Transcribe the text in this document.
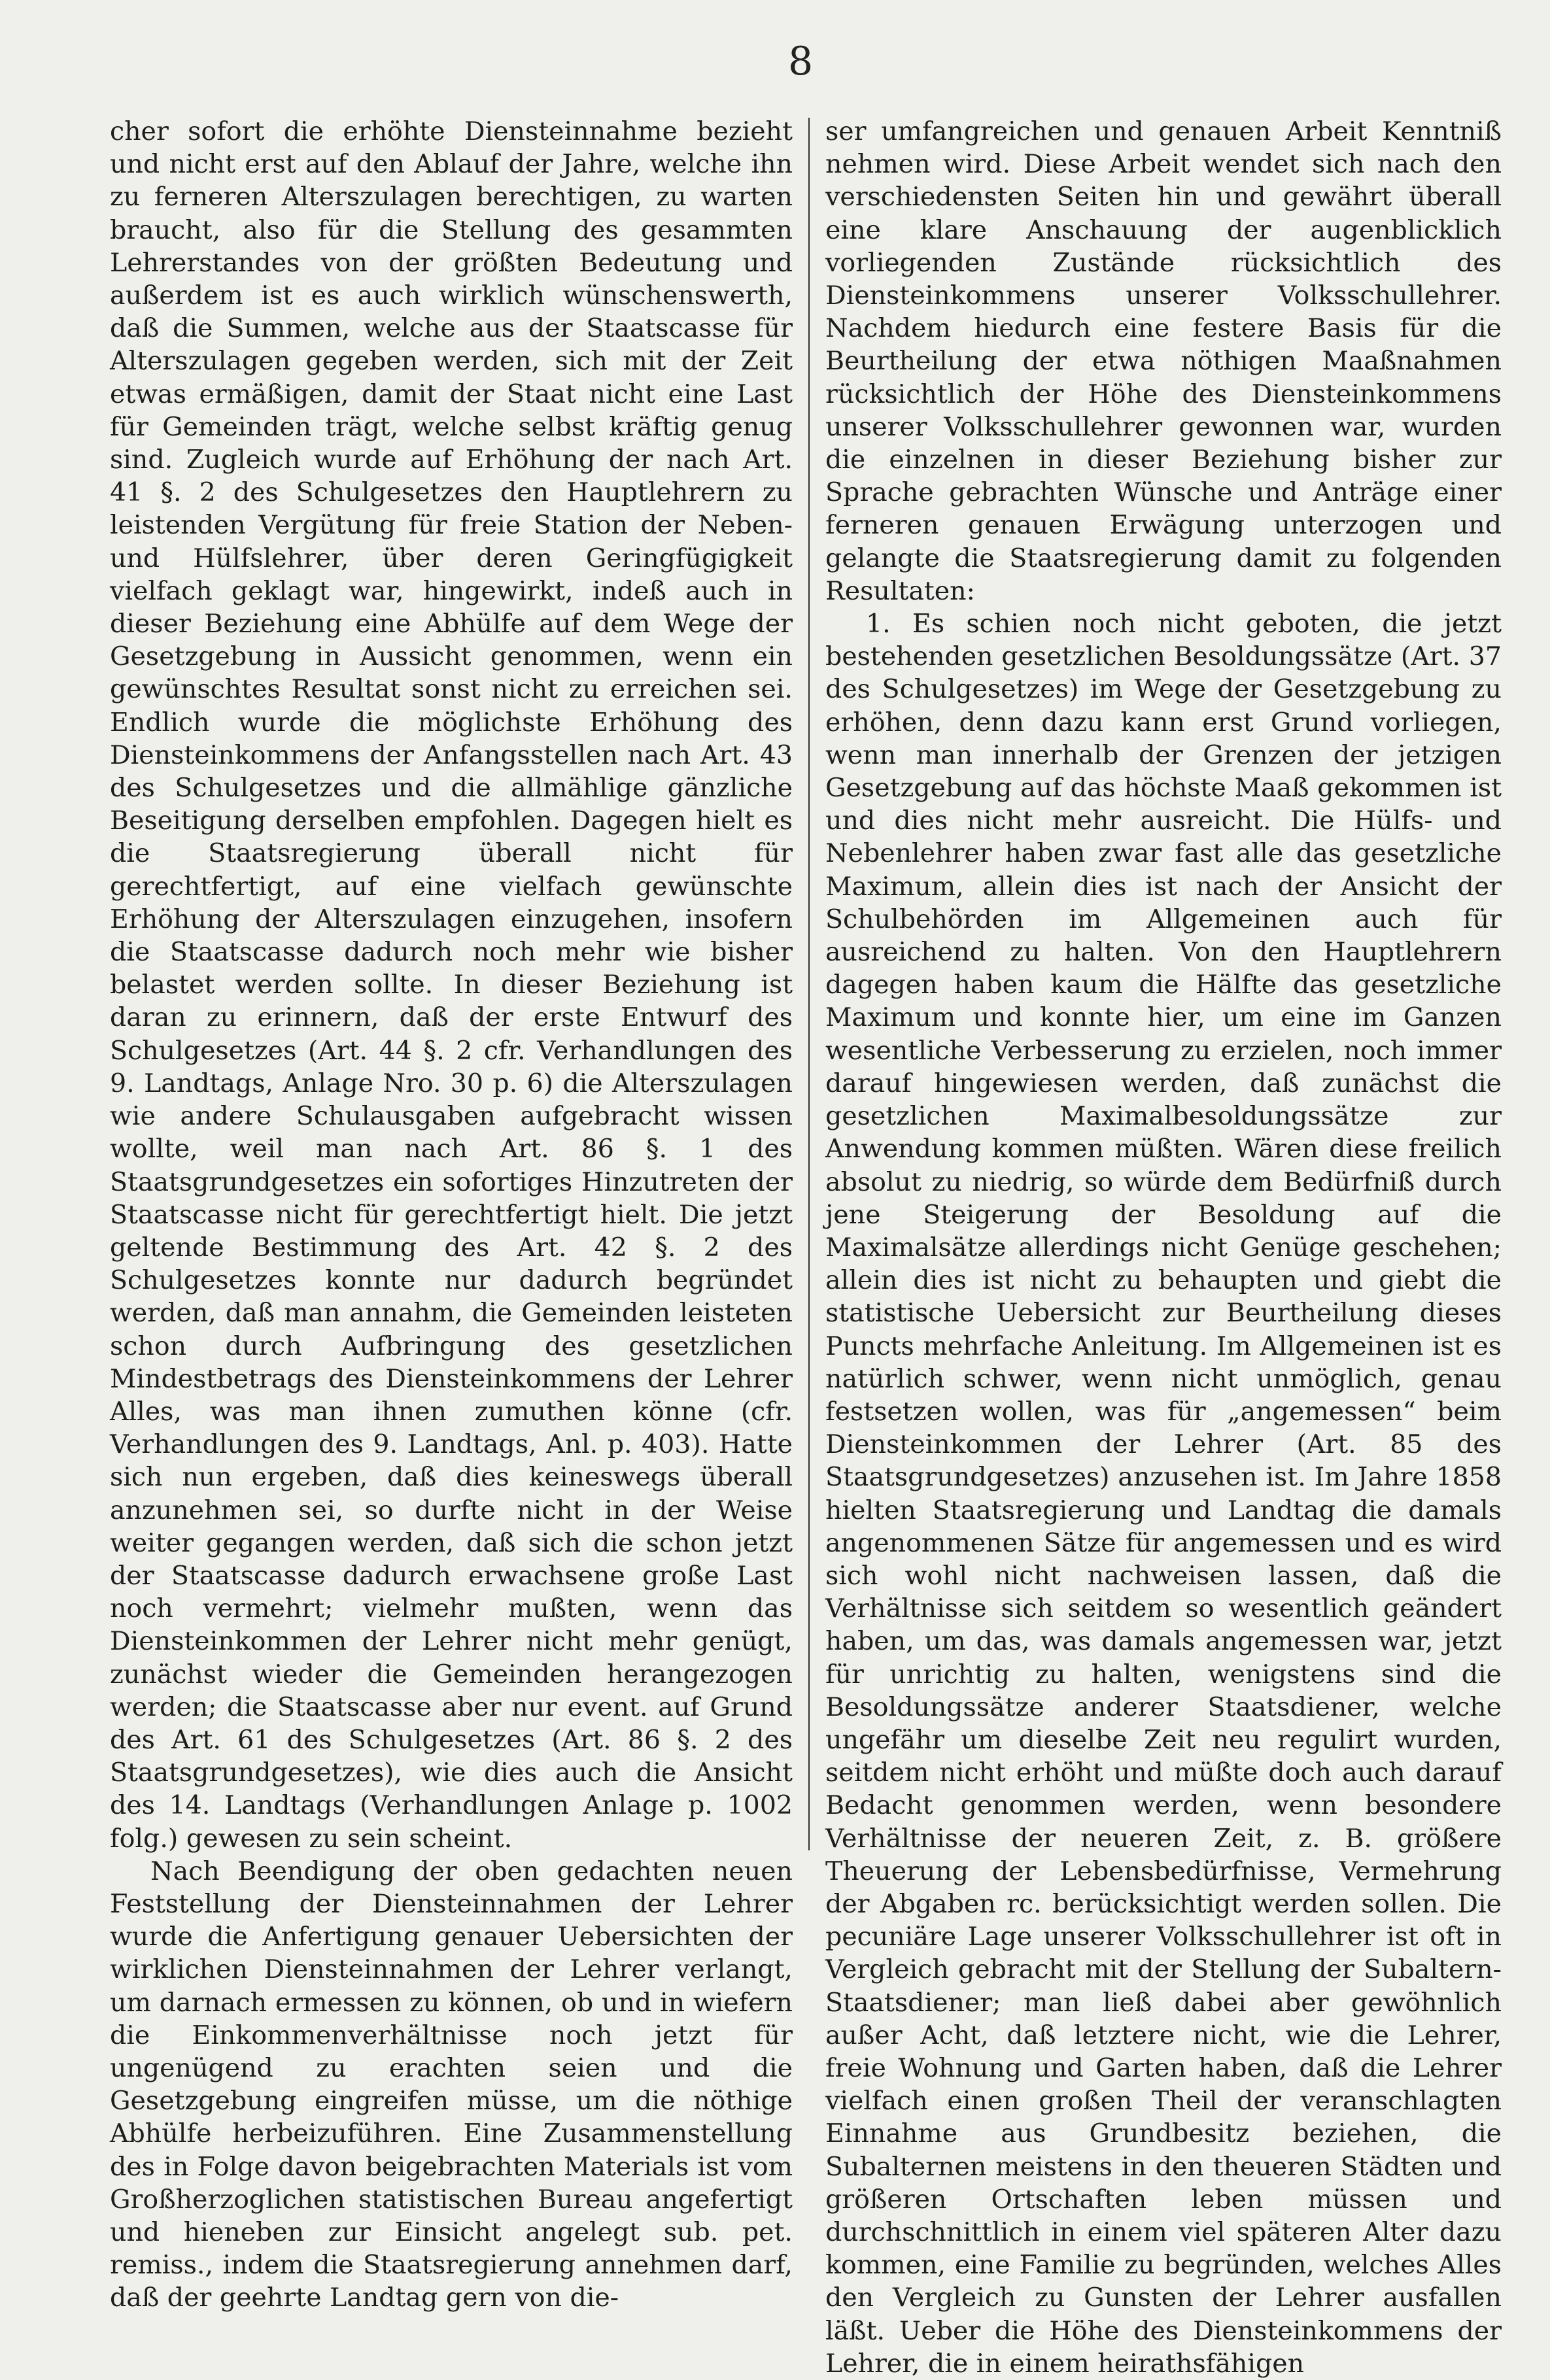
8

cher sofort die erhöhte Diensteinnahme bezieht und nicht erst auf den Ablauf der Jahre, welche ihn zu ferneren Alterszulagen berechtigen, zu warten braucht, also für die Stellung des gesammten Lehrerstandes von der größten Bedeutung und außerdem ist es auch wirklich wünschenswerth, daß die Summen, welche aus der Staatscasse für Alterszulagen gegeben werden, sich mit der Zeit etwas ermäßigen, damit der Staat nicht eine Last für Gemeinden trägt, welche selbst kräftig genug sind. Zugleich wurde auf Erhöhung der nach Art. 41 §. 2 des Schulgesetzes den Hauptlehrern zu leistenden Vergütung für freie Station der Neben- und Hülfslehrer, über deren Geringfügigkeit vielfach geklagt war, hingewirkt, indeß auch in dieser Beziehung eine Abhülfe auf dem Wege der Gesetzgebung in Aussicht genommen, wenn ein gewünschtes Resultat sonst nicht zu erreichen sei. Endlich wurde die möglichste Erhöhung des Diensteinkommens der Anfangsstellen nach Art. 43 des Schulgesetzes und die allmählige gänzliche Beseitigung derselben empfohlen. Dagegen hielt es die Staatsregierung überall nicht für gerechtfertigt, auf eine vielfach gewünschte Erhöhung der Alterszulagen einzugehen, insofern die Staatscasse dadurch noch mehr wie bisher belastet werden sollte. In dieser Beziehung ist daran zu erinnern, daß der erste Entwurf des Schulgesetzes (Art. 44 §. 2 cfr. Verhandlungen des 9. Landtags, Anlage Nro. 30 p. 6) die Alterszulagen wie andere Schulausgaben aufgebracht wissen wollte, weil man nach Art. 86 §. 1 des Staatsgrundgesetzes ein sofortiges Hinzutreten der Staatscasse nicht für gerechtfertigt hielt. Die jetzt geltende Bestimmung des Art. 42 §. 2 des Schulgesetzes konnte nur dadurch begründet werden, daß man annahm, die Gemeinden leisteten schon durch Aufbringung des gesetzlichen Mindestbetrags des Diensteinkommens der Lehrer Alles, was man ihnen zumuthen könne (cfr. Verhandlungen des 9. Landtags, Anl. p. 403). Hatte sich nun ergeben, daß dies keineswegs überall anzunehmen sei, so durfte nicht in der Weise weiter gegangen werden, daß sich die schon jetzt der Staatscasse dadurch erwachsene große Last noch vermehrt; vielmehr mußten, wenn das Diensteinkommen der Lehrer nicht mehr genügt, zunächst wieder die Gemeinden herangezogen werden; die Staatscasse aber nur event. auf Grund des Art. 61 des Schulgesetzes (Art. 86 §. 2 des Staatsgrundgesetzes), wie dies auch die Ansicht des 14. Landtags (Verhandlungen Anlage p. 1002 folg.) gewesen zu sein scheint.

Nach Beendigung der oben gedachten neuen Feststellung der Diensteinnahmen der Lehrer wurde die Anfertigung genauer Uebersichten der wirklichen Diensteinnahmen der Lehrer verlangt, um darnach ermessen zu können, ob und in wiefern die Einkommenverhältnisse noch jetzt für ungenügend zu erachten seien und die Gesetzgebung eingreifen müsse, um die nöthige Abhülfe herbeizuführen. Eine Zusammenstellung des in Folge davon beigebrachten Materials ist vom Großherzoglichen statistischen Bureau angefertigt und hieneben zur Einsicht angelegt sub. pet. remiss., indem die Staatsregierung annehmen darf, daß der geehrte Landtag gern von die-

ser umfangreichen und genauen Arbeit Kenntniß nehmen wird. Diese Arbeit wendet sich nach den verschiedensten Seiten hin und gewährt überall eine klare Anschauung der augenblicklich vorliegenden Zustände rücksichtlich des Diensteinkommens unserer Volksschullehrer. Nachdem hiedurch eine festere Basis für die Beurtheilung der etwa nöthigen Maaßnahmen rücksichtlich der Höhe des Diensteinkommens unserer Volksschullehrer gewonnen war, wurden die einzelnen in dieser Beziehung bisher zur Sprache gebrachten Wünsche und Anträge einer ferneren genauen Erwägung unterzogen und gelangte die Staatsregierung damit zu folgenden Resultaten:

1. Es schien noch nicht geboten, die jetzt bestehenden gesetzlichen Besoldungssätze (Art. 37 des Schulgesetzes) im Wege der Gesetzgebung zu erhöhen, denn dazu kann erst Grund vorliegen, wenn man innerhalb der Grenzen der jetzigen Gesetzgebung auf das höchste Maaß gekommen ist und dies nicht mehr ausreicht. Die Hülfs- und Nebenlehrer haben zwar fast alle das gesetzliche Maximum, allein dies ist nach der Ansicht der Schulbehörden im Allgemeinen auch für ausreichend zu halten. Von den Hauptlehrern dagegen haben kaum die Hälfte das gesetzliche Maximum und konnte hier, um eine im Ganzen wesentliche Verbesserung zu erzielen, noch immer darauf hingewiesen werden, daß zunächst die gesetzlichen Maximalbesoldungssätze zur Anwendung kommen müßten. Wären diese freilich absolut zu niedrig, so würde dem Bedürfniß durch jene Steigerung der Besoldung auf die Maximalsätze allerdings nicht Genüge geschehen; allein dies ist nicht zu behaupten und giebt die statistische Uebersicht zur Beurtheilung dieses Puncts mehrfache Anleitung. Im Allgemeinen ist es natürlich schwer, wenn nicht unmöglich, genau festsetzen wollen, was für „angemessen“ beim Diensteinkommen der Lehrer (Art. 85 des Staatsgrundgesetzes) anzusehen ist. Im Jahre 1858 hielten Staatsregierung und Landtag die damals angenommenen Sätze für angemessen und es wird sich wohl nicht nachweisen lassen, daß die Verhältnisse sich seitdem so wesentlich geändert haben, um das, was damals angemessen war, jetzt für unrichtig zu halten, wenigstens sind die Besoldungssätze anderer Staatsdiener, welche ungefähr um dieselbe Zeit neu regulirt wurden, seitdem nicht erhöht und müßte doch auch darauf Bedacht genommen werden, wenn besondere Verhältnisse der neueren Zeit, z. B. größere Theuerung der Lebensbedürfnisse, Vermehrung der Abgaben rc. berücksichtigt werden sollen. Die pecuniäre Lage unserer Volksschullehrer ist oft in Vergleich gebracht mit der Stellung der Subaltern-Staatsdiener; man ließ dabei aber gewöhnlich außer Acht, daß letztere nicht, wie die Lehrer, freie Wohnung und Garten haben, daß die Lehrer vielfach einen großen Theil der veranschlagten Einnahme aus Grundbesitz beziehen, die Subalternen meistens in den theueren Städten und größeren Ortschaften leben müssen und durchschnittlich in einem viel späteren Alter dazu kommen, eine Familie zu begründen, welches Alles den Vergleich zu Gunsten der Lehrer ausfallen läßt. Ueber die Höhe des Diensteinkommens der Lehrer, die in einem heirathsfähigen
